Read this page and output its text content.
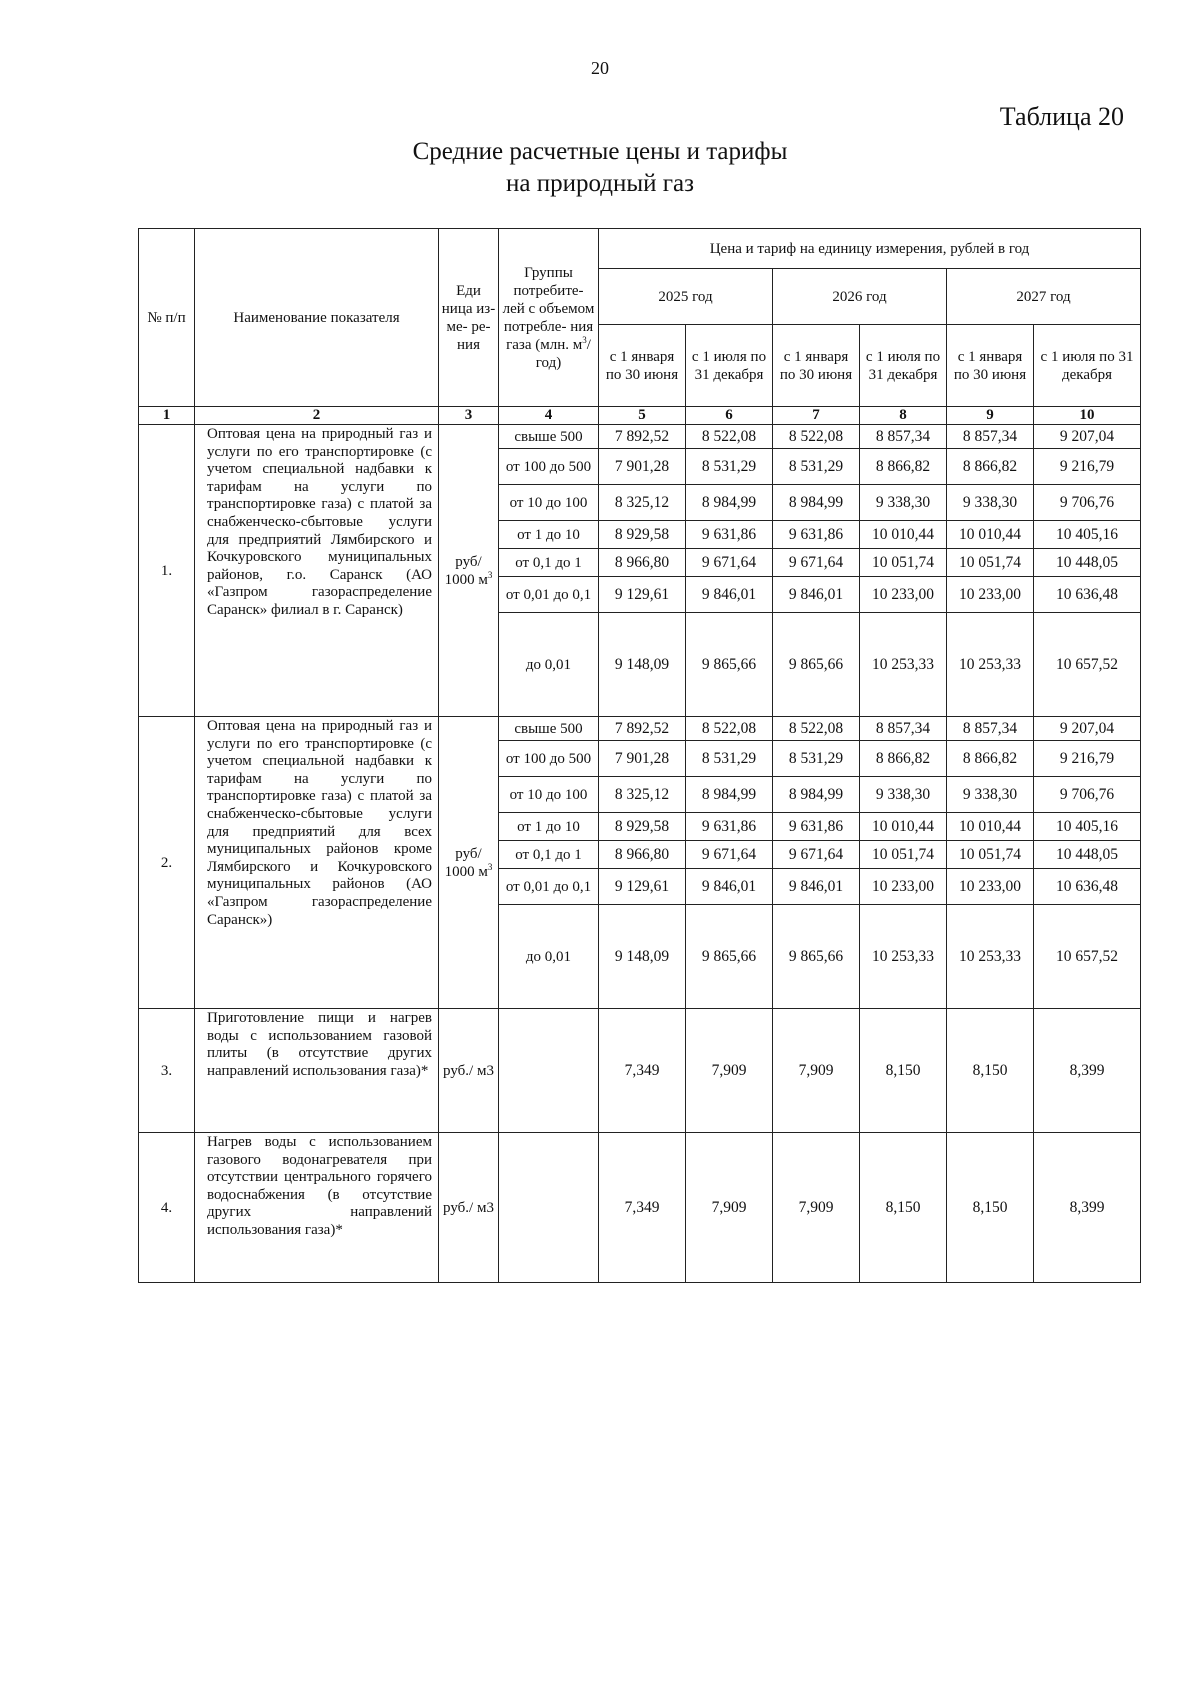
20
Таблица 20
Средние расчетные цены и тарифы
на природный газ
№ п/п	Наименование показателя	Еди ница из- ме- ре- ния	Группы потребите- лей с объемом потребле- ния газа (млн. $м^3/год$)	Цена и тариф на единицу измерения, рублей в год					
				2025 год		2026 год		2027 год	
				с 1 января по 30 июня	с 1 июля по 31 декабря	с 1 января по 30 июня	с 1 июля по 31 декабря	с 1 января по 30 июня	с 1 июля по 31 декабря
1	2	3	4	5	6	7	8	9	10
1.	Оптовая цена на природный газ и услуги по его транспортировке (с учетом специальной надбавки к тарифам на услуги по транспортировке газа) с платой за снабженческо-сбытовые услуги для предприятий Лямбирского и Кочкуровского муниципальных районов, г.о. Саранск (АО «Газпром газораспределение Саранск» филиал в г. Саранск)	руб/ 1000 $м^3$	свыше 500	7 892,52	8 522,08	8 522,08	8 857,34	8 857,34	9 207,04
			от 100 до 500	7 901,28	8 531,29	8 531,29	8 866,82	8 866,82	9 216,79
			от 10 до 100	8 325,12	8 984,99	8 984,99	9 338,30	9 338,30	9 706,76
			от 1 до 10	8 929,58	9 631,86	9 631,86	10 010,44	10 010,44	10 405,16
			от 0,1 до 1	8 966,80	9 671,64	9 671,64	10 051,74	10 051,74	10 448,05
			от 0,01 до 0,1	9 129,61	9 846,01	9 846,01	10 233,00	10 233,00	10 636,48
			до 0,01	9 148,09	9 865,66	9 865,66	10 253,33	10 253,33	10 657,52
2.	Оптовая цена на природный газ и услуги по его транспортировке (с учетом специальной надбавки к тарифам на услуги по транспортировке газа) с платой за снабженческо-сбытовые услуги для предприятий для всех муниципальных районов кроме Лямбирского и Кочкуровского муниципальных районов (АО «Газпром газораспределение Саранск»)	руб/ 1000 $м^3$	свыше 500	7 892,52	8 522,08	8 522,08	8 857,34	8 857,34	9 207,04
			от 100 до 500	7 901,28	8 531,29	8 531,29	8 866,82	8 866,82	9 216,79
			от 10 до 100	8 325,12	8 984,99	8 984,99	9 338,30	9 338,30	9 706,76
			от 1 до 10	8 929,58	9 631,86	9 631,86	10 010,44	10 010,44	10 405,16
			от 0,1 до 1	8 966,80	9 671,64	9 671,64	10 051,74	10 051,74	10 448,05
			от 0,01 до 0,1	9 129,61	9 846,01	9 846,01	10 233,00	10 233,00	10 636,48
			до 0,01	9 148,09	9 865,66	9 865,66	10 253,33	10 253,33	10 657,52
3.	Приготовление пищи и нагрев воды с использованием газовой плиты (в отсутствие других направлений использования газа)*	руб./ м3		7,349	7,909	7,909	8,150	8,150	8,399
4.	Нагрев воды с использованием газового водонагревателя при отсутствии центрального горячего водоснабжения (в отсутствие других направлений использования газа)*	руб./ м3		7,349	7,909	7,909	8,150	8,150	8,399
